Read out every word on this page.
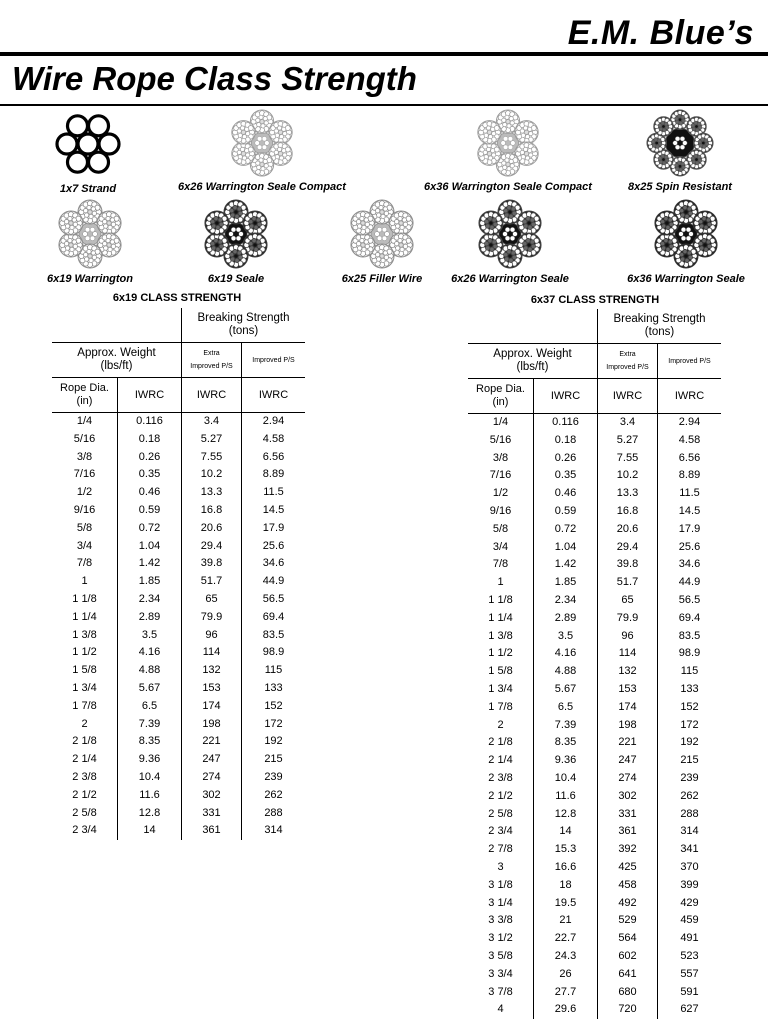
E.M. Blue’s
Wire Rope Class Strength
1x7 Strand	6x26 Warrington Seale Compact	6x36 Warrington Seale Compact	8x25 Spin Resistant
6x19 Warrington	6x19 Seale	6x25 Filler Wire	6x26 Warrington Seale	6x36 Warrington Seale
6x19 CLASS STRENGTH
		Breaking Strength
(tons)	
Approx. Weight
(lbs/ft)		Extra
Improved P/S	Improved P/S
Rope Dia.
(in)	IWRC	IWRC	IWRC
1/4	0.116	3.4	2.94
5/16	0.18	5.27	4.58
3/8	0.26	7.55	6.56
7/16	0.35	10.2	8.89
1/2	0.46	13.3	11.5
9/16	0.59	16.8	14.5
5/8	0.72	20.6	17.9
3/4	1.04	29.4	25.6
7/8	1.42	39.8	34.6
1	1.85	51.7	44.9
1 1/8	2.34	65	56.5
1 1/4	2.89	79.9	69.4
1 3/8	3.5	96	83.5
1 1/2	4.16	114	98.9
1 5/8	4.88	132	115
1 3/4	5.67	153	133
1 7/8	6.5	174	152
2	7.39	198	172
2 1/8	8.35	221	192
2 1/4	9.36	247	215
2 3/8	10.4	274	239
2 1/2	11.6	302	262
2 5/8	12.8	331	288
2 3/4	14	361	314
6x37 CLASS STRENGTH
		Breaking Strength
(tons)	
Approx. Weight
(lbs/ft)		Extra
Improved P/S	Improved P/S
Rope Dia.
(in)	IWRC	IWRC	IWRC
1/4	0.116	3.4	2.94
5/16	0.18	5.27	4.58
3/8	0.26	7.55	6.56
7/16	0.35	10.2	8.89
1/2	0.46	13.3	11.5
9/16	0.59	16.8	14.5
5/8	0.72	20.6	17.9
3/4	1.04	29.4	25.6
7/8	1.42	39.8	34.6
1	1.85	51.7	44.9
1 1/8	2.34	65	56.5
1 1/4	2.89	79.9	69.4
1 3/8	3.5	96	83.5
1 1/2	4.16	114	98.9
1 5/8	4.88	132	115
1 3/4	5.67	153	133
1 7/8	6.5	174	152
2	7.39	198	172
2 1/8	8.35	221	192
2 1/4	9.36	247	215
2 3/8	10.4	274	239
2 1/2	11.6	302	262
2 5/8	12.8	331	288
2 3/4	14	361	314
2 7/8	15.3	392	341
3	16.6	425	370
3 1/8	18	458	399
3 1/4	19.5	492	429
3 3/8	21	529	459
3 1/2	22.7	564	491
3 5/8	24.3	602	523
3 3/4	26	641	557
3 7/8	27.7	680	591
4	29.6	720	627
